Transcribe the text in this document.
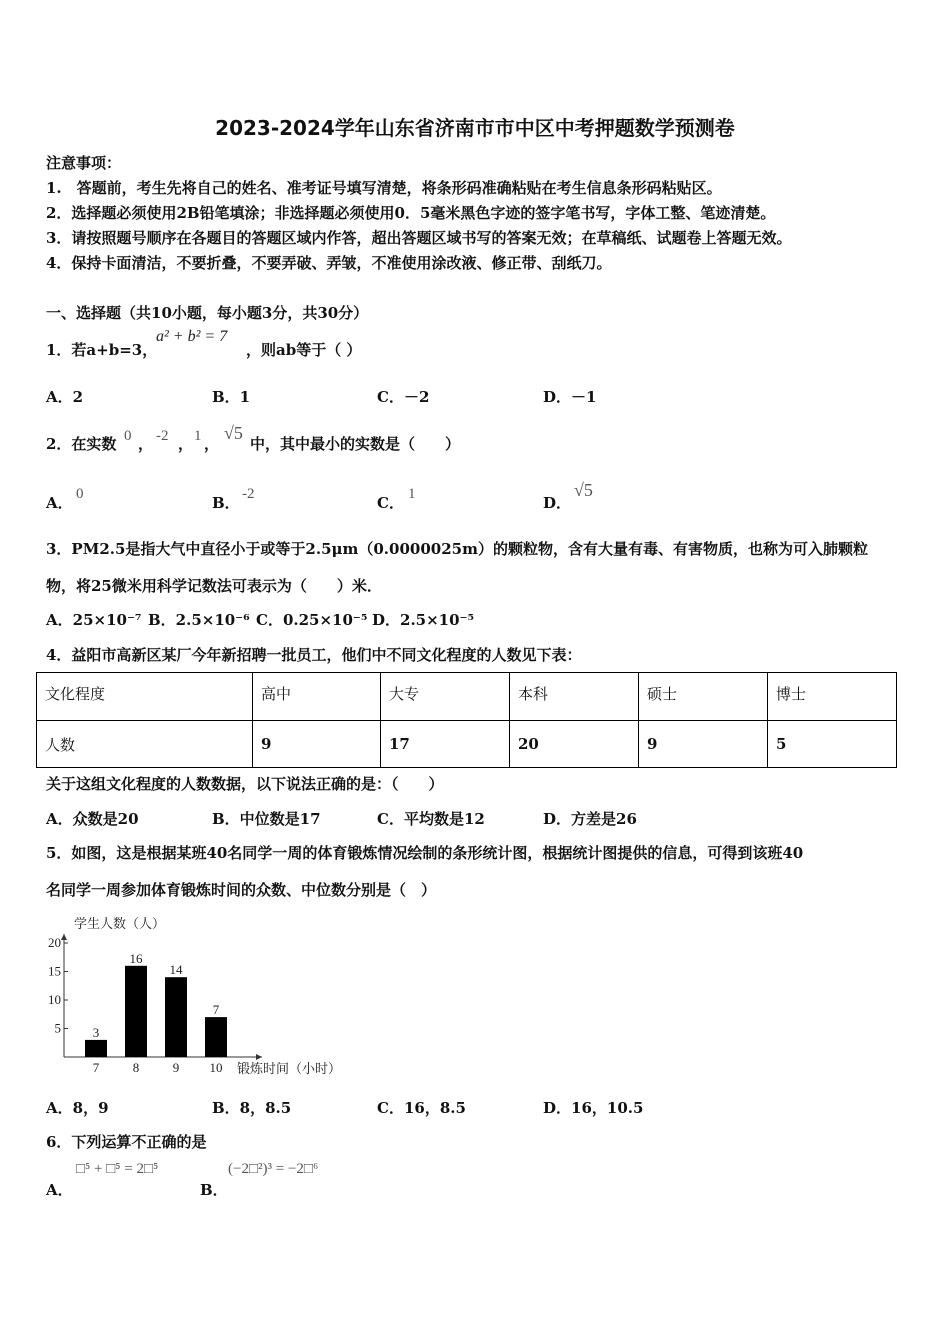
2023-2024学年山东省济南市市中区中考押题数学预测卷
注意事项：
1.　答题前，考生先将自己的姓名、准考证号填写清楚，将条形码准确粘贴在考生信息条形码粘贴区。
2．选择题必须使用2B铅笔填涂；非选择题必须使用0．5毫米黑色字迹的签字笔书写，字体工整、笔迹清楚。
3．请按照题号顺序在各题目的答题区域内作答，超出答题区域书写的答案无效；在草稿纸、试题卷上答题无效。
4．保持卡面清洁，不要折叠，不要弄破、弄皱，不准使用涂改液、修正带、刮纸刀。
一、选择题（共10小题，每小题3分，共30分）
1．若a+b=3，
a² + b² = 7
，则ab等于（ ）
A．2	B．1	C．－2	D．－1
2．在实数 0 ， -2 ， 1 ，
√5
中，其中最小的实数是（　　）
A． 0	B． -2	C． 1	D．
√5
3．PM2.5是指大气中直径小于或等于2.5μm（0.0000025m）的颗粒物，含有大量有毒、有害物质，也称为可入肺颗粒
物，将25微米用科学记数法可表示为（　　）米．
A．25×10⁻⁷ B．2.5×10⁻⁶ C．0.25×10⁻⁵ D．2.5×10⁻⁵
4．益阳市高新区某厂今年新招聘一批员工，他们中不同文化程度的人数见下表：
文化程度	高中	大专	本科	硕士	博士
人数	9	17	20	9	5
关于这组文化程度的人数数据，以下说法正确的是：（　　）
A．众数是20	B．中位数是17	C．平均数是12	D．方差是26
5．如图，这是根据某班40名同学一周的体育锻炼情况绘制的条形统计图，根据统计图提供的信息，可得到该班40
名同学一周参加体育锻炼时间的众数、中位数分别是（　）
学生人数（人）
锻炼时间（小时）
5
10
15
20
3
7
16
8
14
9
7
10
A．8，9	B．8，8.5	C．16，8.5	D．16，10.5
6．下列运算不正确的是
A．
□⁵ + □⁵ = 2□⁵
B．
(−2□²)³ = −2□⁶
